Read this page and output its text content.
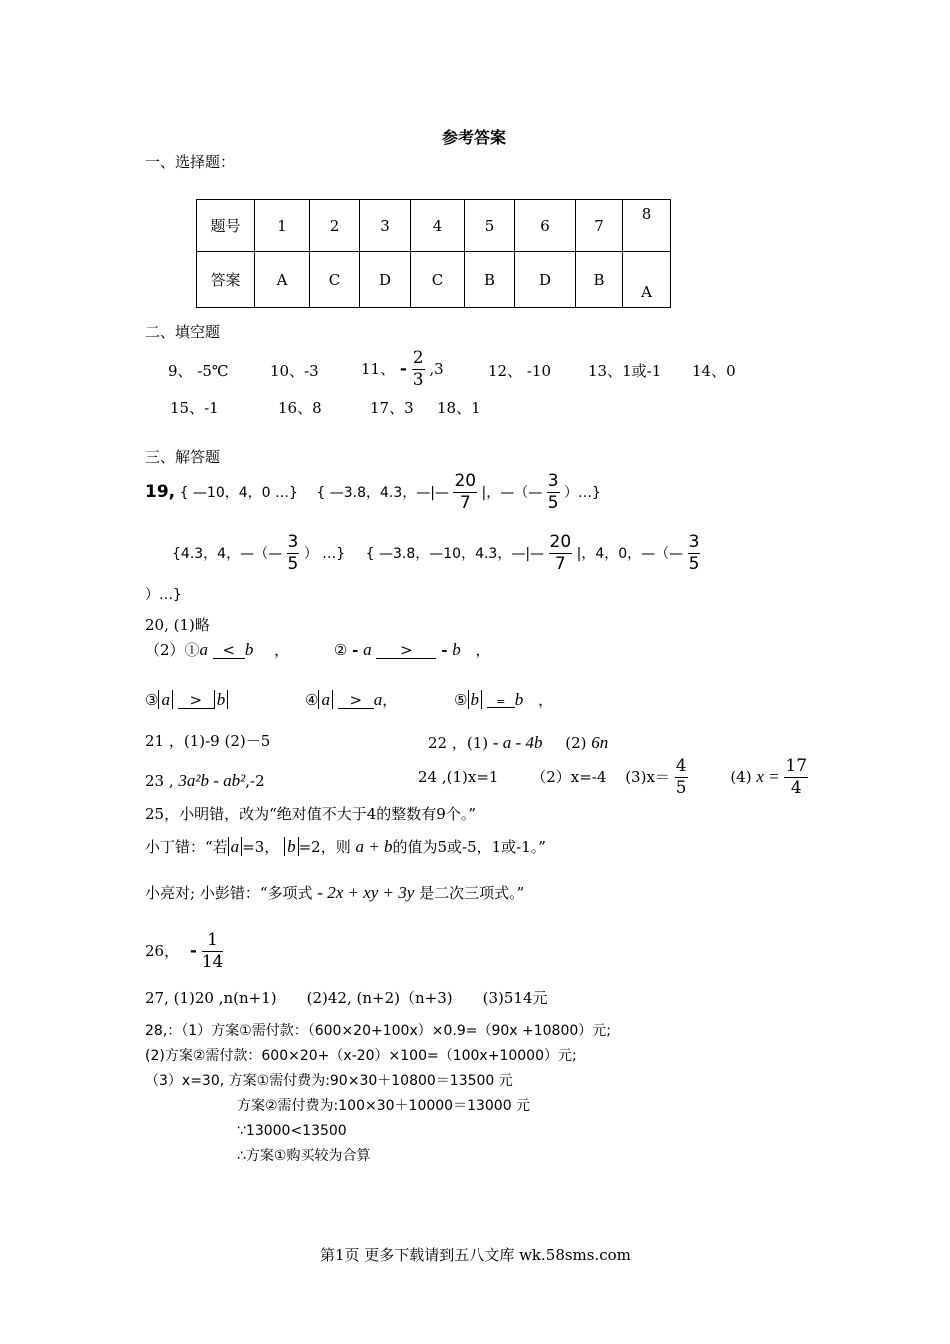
参考答案
一、选择题：
题号	1	2	3	4	5	6	7	8
答案	A	C	D	C	B	D	B	A
二、填空题
9、 -5℃	10、-3	11、 - $\frac{2}{3} ,3$	12、 -10 13、1或-1 14、0
15、-1	16、8	17、3 18、1
三、解答题
19, { —10，4，0 …} { —3.8，4.3，—|— $\frac{20}{7}$ |，—（— $\frac{3}{5}$ ）…}
{4.3，4，—（— $\frac{3}{5}$ ） …} { —3.8，—10，4.3，—|— $\frac{20}{7}$ |，4，0，—（— $\frac{3}{5}$
）…}
20, (1)略
（2）①a < b ，	② - a > - b ，
③ a > b	④ a > a，	⑤ b = b ，
21 ，(1)-9 (2)－5	22 ，(1) - a - 4b (2) 6n
23 , 3a²b - ab²,-2	24 ,(1)x=1 （2）x=-4 $(3)x= \frac{4}{5}$	(4) $x = \frac{17}{4}$
25，小明错，改为“绝对值不大于4的整数有9个。”
小丁错：“若 a =3， b =2，则 a + b的值为5或-5，1或-1。”
小亮对; 小彭错：“多项式 - 2x + xy + 3y 是二次三项式。”
26， - $\frac{1}{14}$
27, (1)20 ,n(n+1)　　(2)42, (n+2)（n+3)　　(3)514元
28,：（1）方案①需付款：（600×20+100x）×0.9=（90x +10800）元;
(2)方案②需付款：600×20+（x-20）×100=（100x+10000）元;
（3）x=30, 方案①需付费为:90×30＋10800＝13500 元
方案②需付费为:100×30＋10000＝13000 元
∵13000<13500
∴方案①购买较为合算
第1页 更多下载请到五八文库 wk.58sms.com
